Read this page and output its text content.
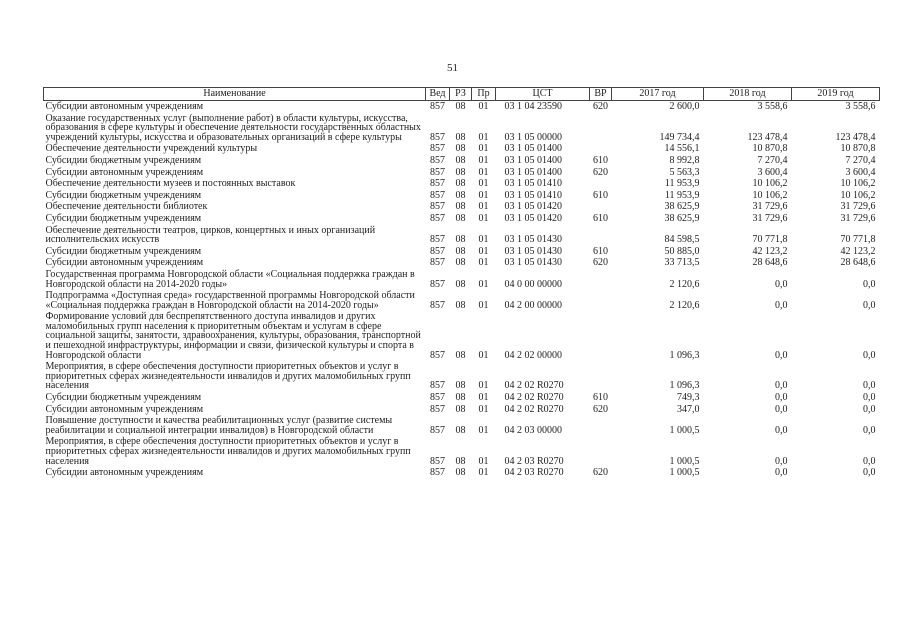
51
Наименование	Вед	РЗ	Пр	ЦСТ	ВР	2017 год	2018 год	2019 год
Субсидии автономным учреждениям	857	08	01	03 1 04 23590	620	2 600,0	3 558,6	3 558,6
Оказание государственных услуг (выполнение работ) в области культуры, искусства, образования в сфере культуры и обеспечение деятельности государственных областных учреждений культуры, искусства и образовательных организаций в сфере культуры	857	08	01	03 1 05 00000		149 734,4	123 478,4	123 478,4
Обеспечение деятельности учреждений культуры	857	08	01	03 1 05 01400		14 556,1	10 870,8	10 870,8
Субсидии бюджетным учреждениям	857	08	01	03 1 05 01400	610	8 992,8	7 270,4	7 270,4
Субсидии автономным учреждениям	857	08	01	03 1 05 01400	620	5 563,3	3 600,4	3 600,4
Обеспечение деятельности музеев и постоянных выставок	857	08	01	03 1 05 01410		11 953,9	10 106,2	10 106,2
Субсидии бюджетным учреждениям	857	08	01	03 1 05 01410	610	11 953,9	10 106,2	10 106,2
Обеспечение деятельности библиотек	857	08	01	03 1 05 01420		38 625,9	31 729,6	31 729,6
Субсидии бюджетным учреждениям	857	08	01	03 1 05 01420	610	38 625,9	31 729,6	31 729,6
Обеспечение деятельности театров, цирков, концертных и иных организаций исполнительских искусств	857	08	01	03 1 05 01430		84 598,5	70 771,8	70 771,8
Субсидии бюджетным учреждениям	857	08	01	03 1 05 01430	610	50 885,0	42 123,2	42 123,2
Субсидии автономным учреждениям	857	08	01	03 1 05 01430	620	33 713,5	28 648,6	28 648,6
Государственная программа Новгородской области «Социальная поддержка граждан в Новгородской области на 2014-2020 годы»	857	08	01	04 0 00 00000		2 120,6	0,0	0,0
Подпрограмма «Доступная среда» государственной программы Новгородской области «Социальная поддержка граждан в Новгородской области на 2014-2020 годы»	857	08	01	04 2 00 00000		2 120,6	0,0	0,0
Формирование условий для беспрепятственного доступа инвалидов и других маломобильных групп населения к приоритетным объектам и услугам в сфере социальной защиты, занятости, здравоохранения, культуры, образования, транспортной и пешеходной инфраструктуры, информации и связи, физической культуры и спорта в Новгородской области	857	08	01	04 2 02 00000		1 096,3	0,0	0,0
Мероприятия, в сфере обеспечения доступности приоритетных объектов и услуг в приоритетных сферах жизнедеятельности инвалидов и других маломобильных групп населения	857	08	01	04 2 02 R0270		1 096,3	0,0	0,0
Субсидии бюджетным учреждениям	857	08	01	04 2 02 R0270	610	749,3	0,0	0,0
Субсидии автономным учреждениям	857	08	01	04 2 02 R0270	620	347,0	0,0	0,0
Повышение доступности и качества реабилитационных услуг (развитие системы реабилитации и социальной интеграции инвалидов) в Новгородской области	857	08	01	04 2 03 00000		1 000,5	0,0	0,0
Мероприятия, в сфере обеспечения доступности приоритетных объектов и услуг в приоритетных сферах жизнедеятельности инвалидов и других маломобильных групп населения	857	08	01	04 2 03 R0270		1 000,5	0,0	0,0
Субсидии автономным учреждениям	857	08	01	04 2 03 R0270	620	1 000,5	0,0	0,0
